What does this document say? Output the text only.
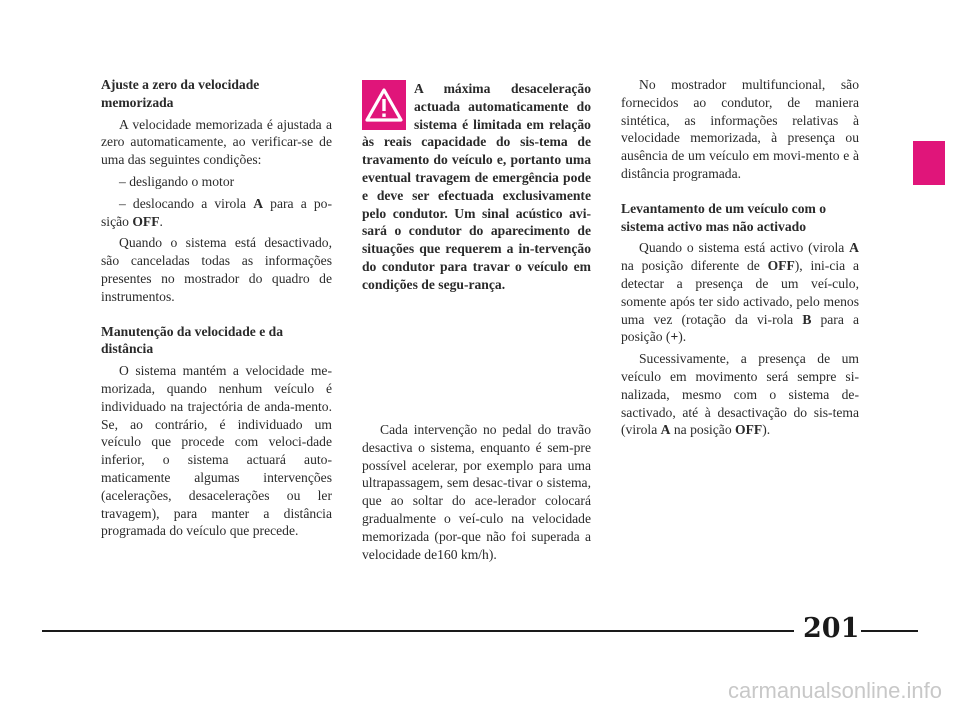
Ajuste a zero da velocidade memorizada

A velocidade memorizada é ajustada a zero automaticamente, ao verificar-se de uma das seguintes condições:

– desligando o motor

– deslocando a virola A para a po-sição OFF.

Quando o sistema está desactivado, são canceladas todas as informações presentes no mostrador do quadro de instrumentos.

Manutenção da velocidade e da distância

O sistema mantém a velocidade me-morizada, quando nenhum veículo é individuado na trajectória de anda-mento. Se, ao contrário, é individuado um veículo que procede com veloci-dade inferior, o sistema actuará auto-maticamente algumas intervenções (acelerações, desacelerações ou ler travagem), para manter a distância programada do veículo que precede.

A máxima desaceleração actuada automaticamente do sistema é limitada em relação às reais capacidade do sis-tema de travamento do veículo e, portanto uma eventual travagem de emergência pode e deve ser efectuada exclusivamente pelo condutor. Um sinal acústico avi-sará o condutor do aparecimento de situações que requerem a in-tervenção do condutor para travar o veículo em condições de segu-rança.

Cada intervenção no pedal do travão desactiva o sistema, enquanto é sem-pre possível acelerar, por exemplo para uma ultrapassagem, sem desac-tivar o sistema, que ao soltar do ace-lerador colocará gradualmente o veí-culo na velocidade memorizada (por-que não foi superada a velocidade de160 km/h).

No mostrador multifuncional, são fornecidos ao condutor, de maniera sintética, as informações relativas à velocidade memorizada, à presença ou ausência de um veículo em movi-mento e à distância programada.

Levantamento de um veículo com o sistema activo mas não activado

Quando o sistema está activo (virola A na posição diferente de OFF), ini-cia a detectar a presença de um veí-culo, somente após ter sido activado, pelo menos uma vez (rotação da vi-rola B para a posição (+).

Sucessivamente, a presença de um veículo em movimento será sempre si-nalizada, mesmo com o sistema de-sactivado, até à desactivação do sis-tema (virola A na posição OFF).

201
carmanualsonline.info
